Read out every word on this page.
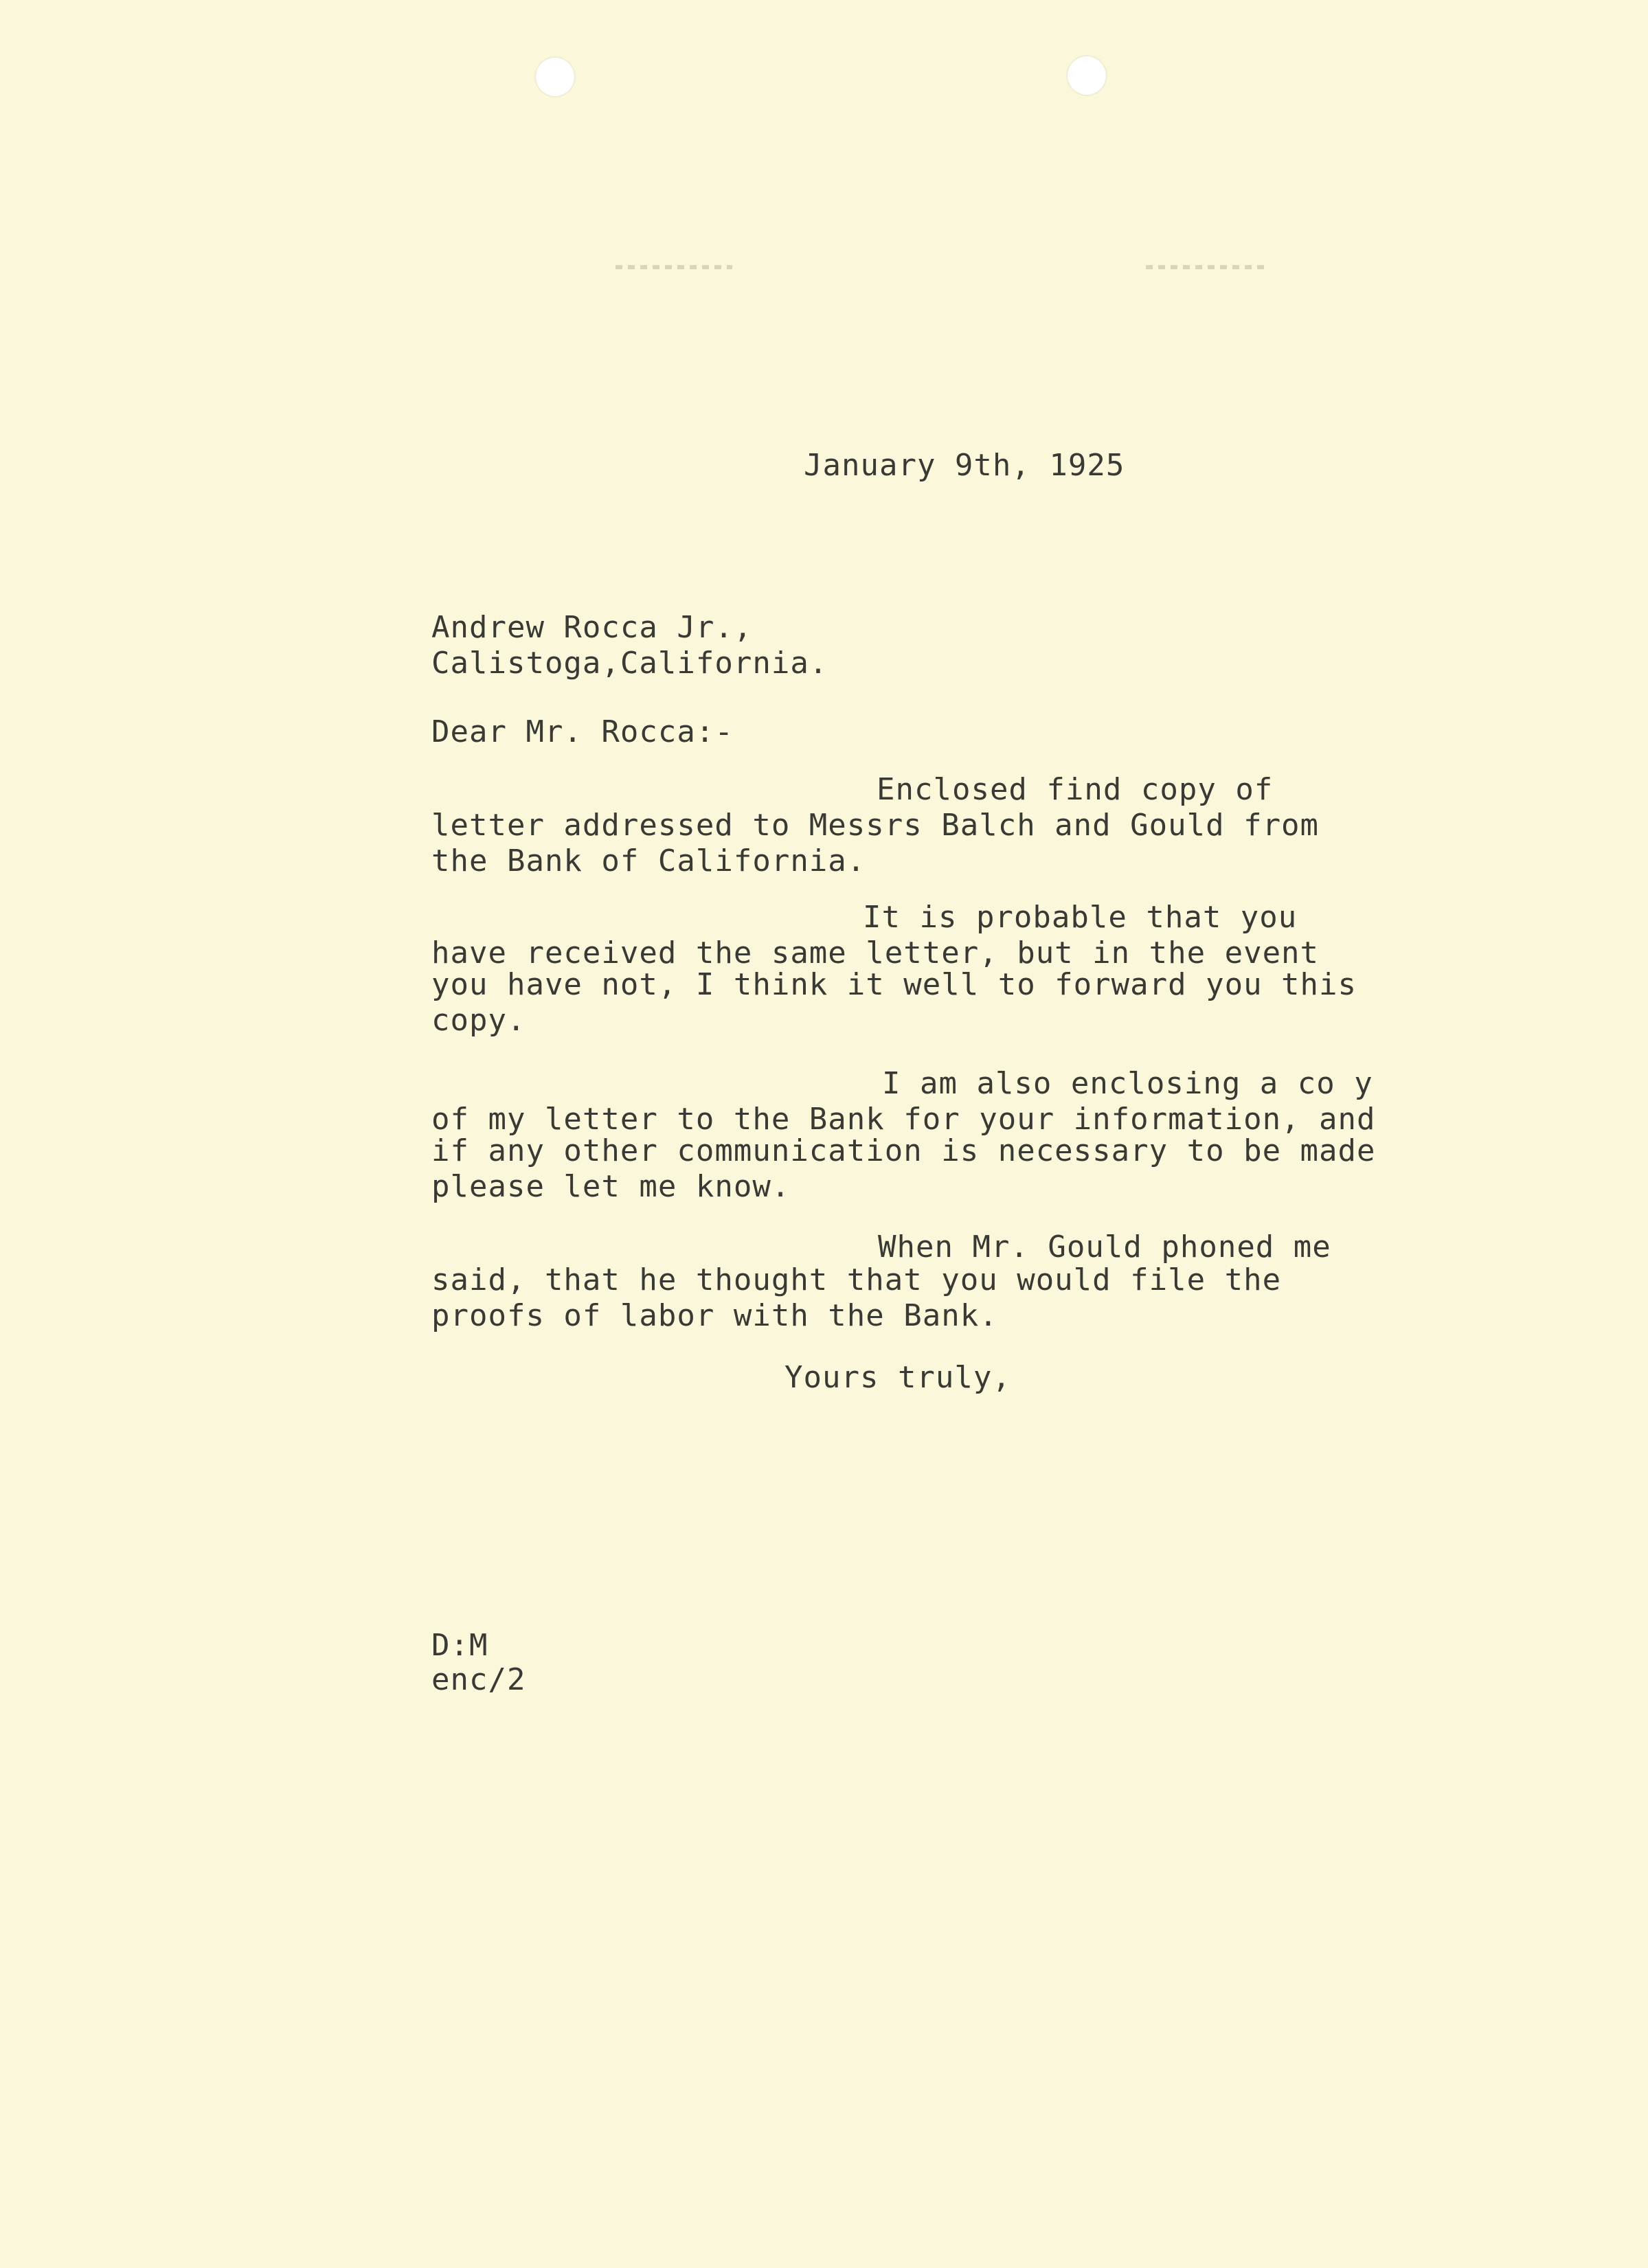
January 9th, 1925

Andrew Rocca Jr.,

Calistoga,California.

Dear Mr. Rocca:-

Enclosed find copy of

letter addressed to Messrs Balch and Gould from

the Bank of California.

It is probable that you

have received the same letter, but in the event

you have not, I think it well to forward you this

copy.

I am also enclosing a co y

of my letter to the Bank for your information, and

if any other communication is necessary to be made

please let me know.

When Mr. Gould phoned me

said, that he thought that you would file the

proofs of labor with the Bank.

Yours truly,

D:M

enc/2
